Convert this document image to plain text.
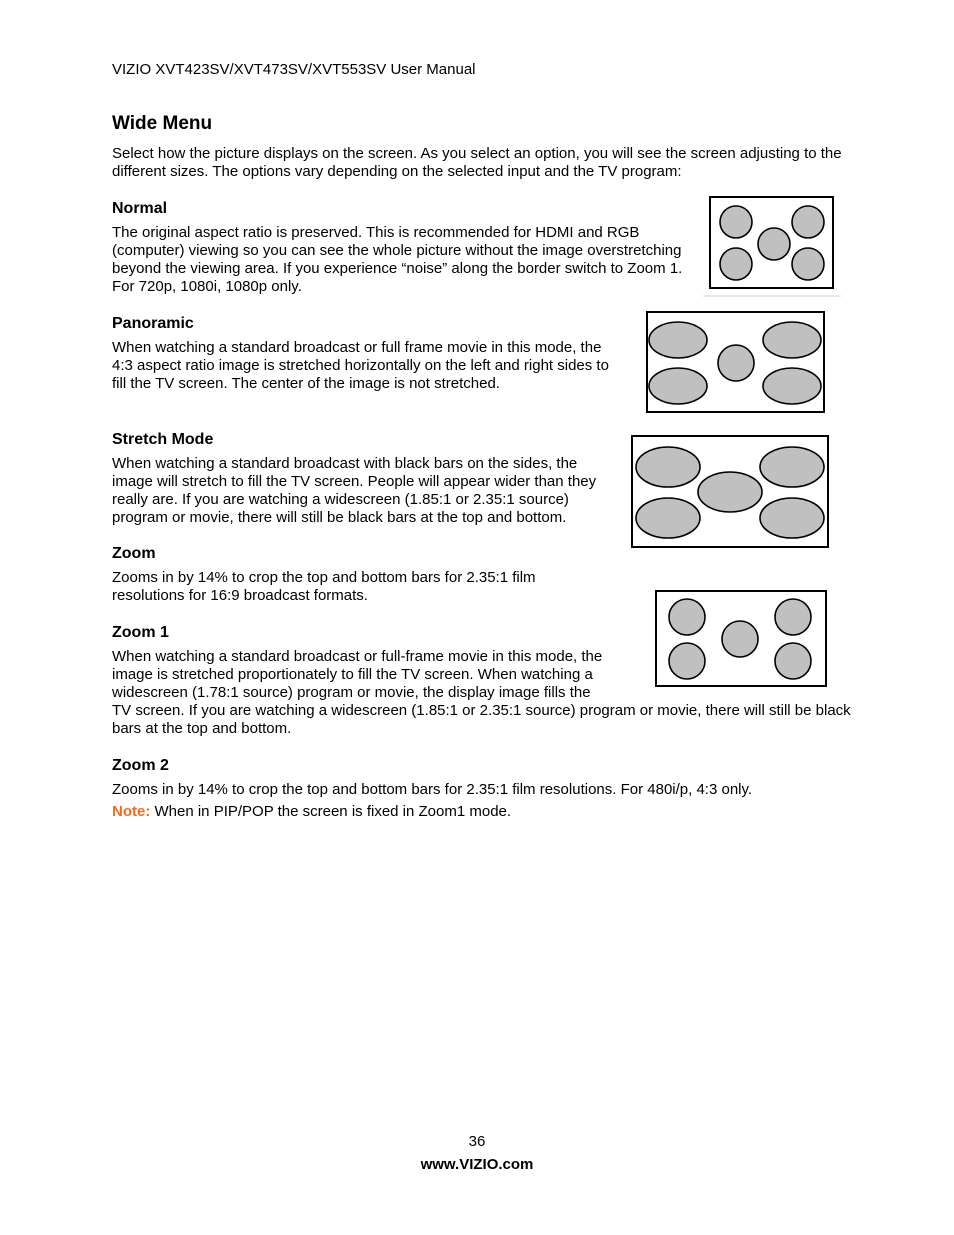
VIZIO XVT423SV/XVT473SV/XVT553SV User Manual
Wide Menu

Select how the picture displays on the screen. As you select an option, you will see the screen adjusting to the different sizes. The options vary depending on the selected input and the TV program:

Normal

The original aspect ratio is preserved. This is recommended for HDMI and RGB (computer) viewing so you can see the whole picture without the image overstretching beyond the viewing area. If you experience “noise” along the border switch to Zoom 1. For 720p, 1080i, 1080p only.

Panoramic

When watching a standard broadcast or full frame movie in this mode, the 4:3 aspect ratio image is stretched horizontally on the left and right sides to fill the TV screen. The center of the image is not stretched.

Stretch Mode

When watching a standard broadcast with black bars on the sides, the image will stretch to fill the TV screen. People will appear wider than they really are. If you are watching a widescreen (1.85:1 or 2.35:1 source) program or movie, there will still be black bars at the top and bottom.

Zoom

Zooms in by 14% to crop the top and bottom bars for 2.35:1 film resolutions for 16:9 broadcast formats.

Zoom 1

When watching a standard broadcast or full-frame movie in this mode, the image is stretched proportionately to fill the TV screen. When watching a widescreen (1.78:1 source) program or movie, the display image fills the
TV screen. If you are watching a widescreen (1.85:1 or 2.35:1 source) program or movie, there will still be black bars at the top and bottom.
Zoom 2

Zooms in by 14% to crop the top and bottom bars for 2.35:1 film resolutions. For 480i/p, 4:3 only.

Note: When in PIP/POP the screen is fixed in Zoom1 mode.
36
www.VIZIO.com
